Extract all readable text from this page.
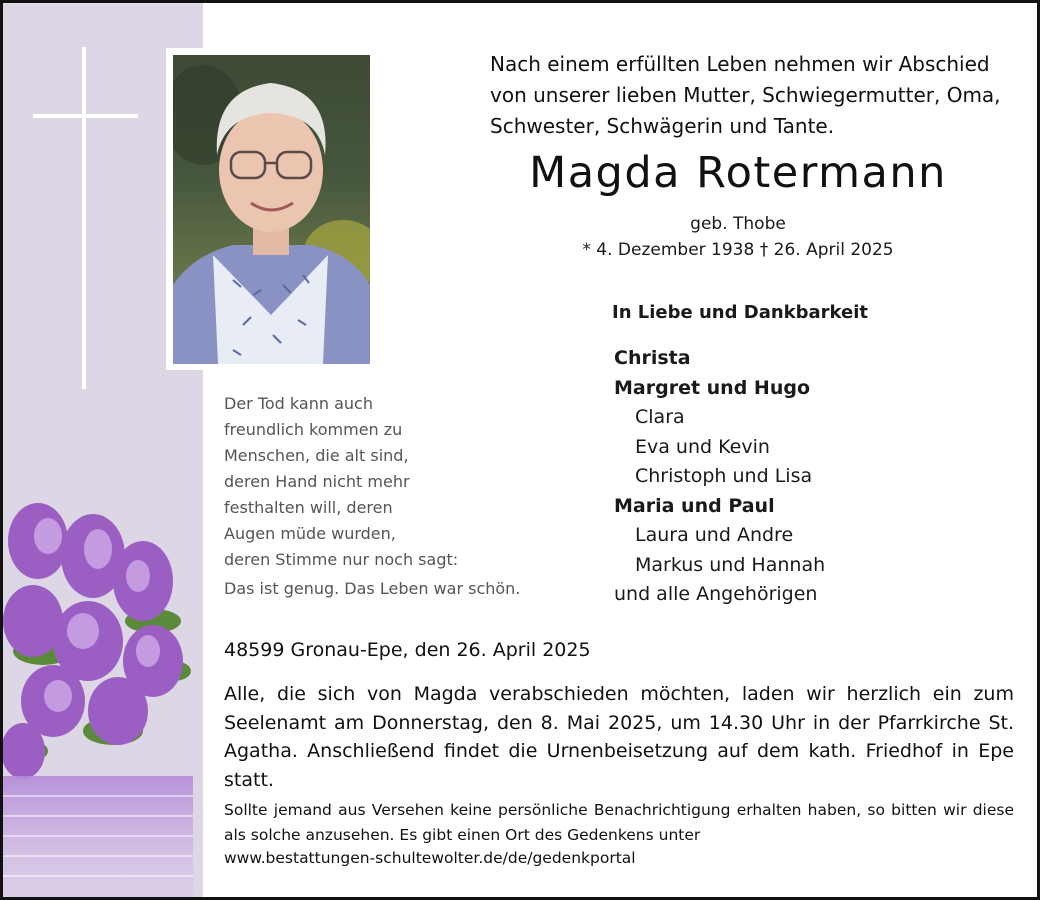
Nach einem erfüllten Leben nehmen wir Abschied
von unserer lieben Mutter, Schwiegermutter, Oma,
Schwester, Schwägerin und Tante.
Magda Rotermann
geb. Thobe
* 4. Dezember 1938 † 26. April 2025
In Liebe und Dankbarkeit
Christa
Margret und Hugo
Clara
Eva und Kevin
Christoph und Lisa
Maria und Paul
Laura und Andre
Markus und Hannah
und alle Angehörigen
Der Tod kann auch
freundlich kommen zu
Menschen, die alt sind,
deren Hand nicht mehr
festhalten will, deren
Augen müde wurden,
deren Stimme nur noch sagt:
Das ist genug. Das Leben war schön.
48599 Gronau-Epe, den 26. April 2025
Alle, die sich von Magda verabschieden möchten, laden wir herzlich ein zum Seelenamt am Donnerstag, den 8. Mai 2025, um 14.30 Uhr in der Pfarrkirche St. Agatha. Anschließend findet die Urnenbeisetzung auf dem kath. Friedhof in Epe statt.
Sollte jemand aus Versehen keine persönliche Benachrichtigung erhalten haben, so bitten wir diese als solche anzusehen. Es gibt einen Ort des Gedenkens unter
www.bestattungen-schultewolter.de/de/gedenkportal
